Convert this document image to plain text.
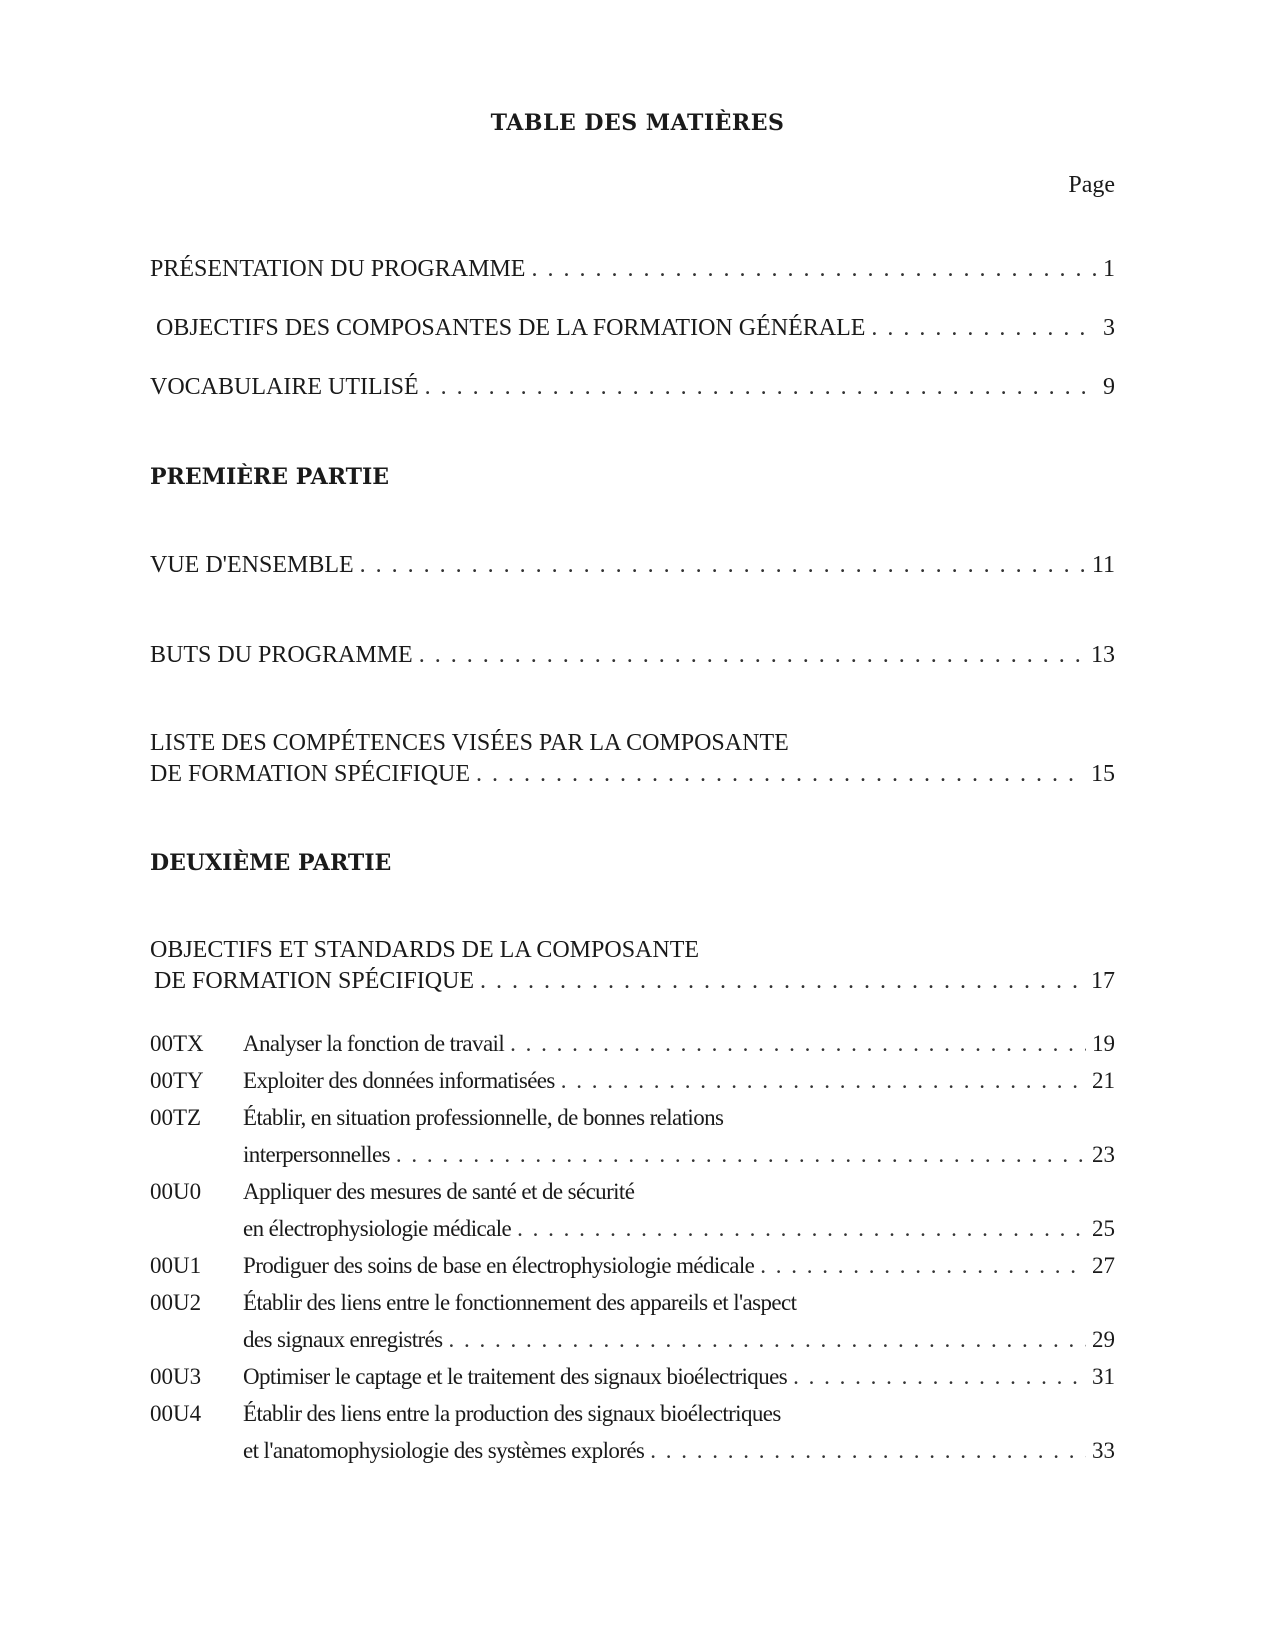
TABLE DES MATIÈRES
Page
PRÉSENTATION DU PROGRAMME . . .	1
OBJECTIFS DES COMPOSANTES DE LA FORMATION GÉNÉRALE . . .	3
VOCABULAIRE UTILISÉ . . .	9
PREMIÈRE PARTIE
VUE D'ENSEMBLE . . .	11
BUTS DU PROGRAMME . . .	13
LISTE DES COMPÉTENCES VISÉES PAR LA COMPOSANTE
DE FORMATION SPÉCIFIQUE . . .	15
DEUXIÈME PARTIE
OBJECTIFS ET STANDARDS DE LA COMPOSANTE
DE FORMATION SPÉCIFIQUE . . .	17
00TX	Analyser la fonction de travail . . .	19
00TY	Exploiter des données informatisées . . .	21
00TZ	Établir, en situation professionnelle, de bonnes relations
interpersonnelles . . .	23
00U0	Appliquer des mesures de santé et de sécurité
en électrophysiologie médicale . . .	25
00U1	Prodiguer des soins de base en électrophysiologie médicale . . .	27
00U2	Établir des liens entre le fonctionnement des appareils et l'aspect
des signaux enregistrés . . .	29
00U3	Optimiser le captage et le traitement des signaux bioélectriques . . .	31
00U4	Établir des liens entre la production des signaux bioélectriques
et l'anatomophysiologie des systèmes explorés . . .	33
